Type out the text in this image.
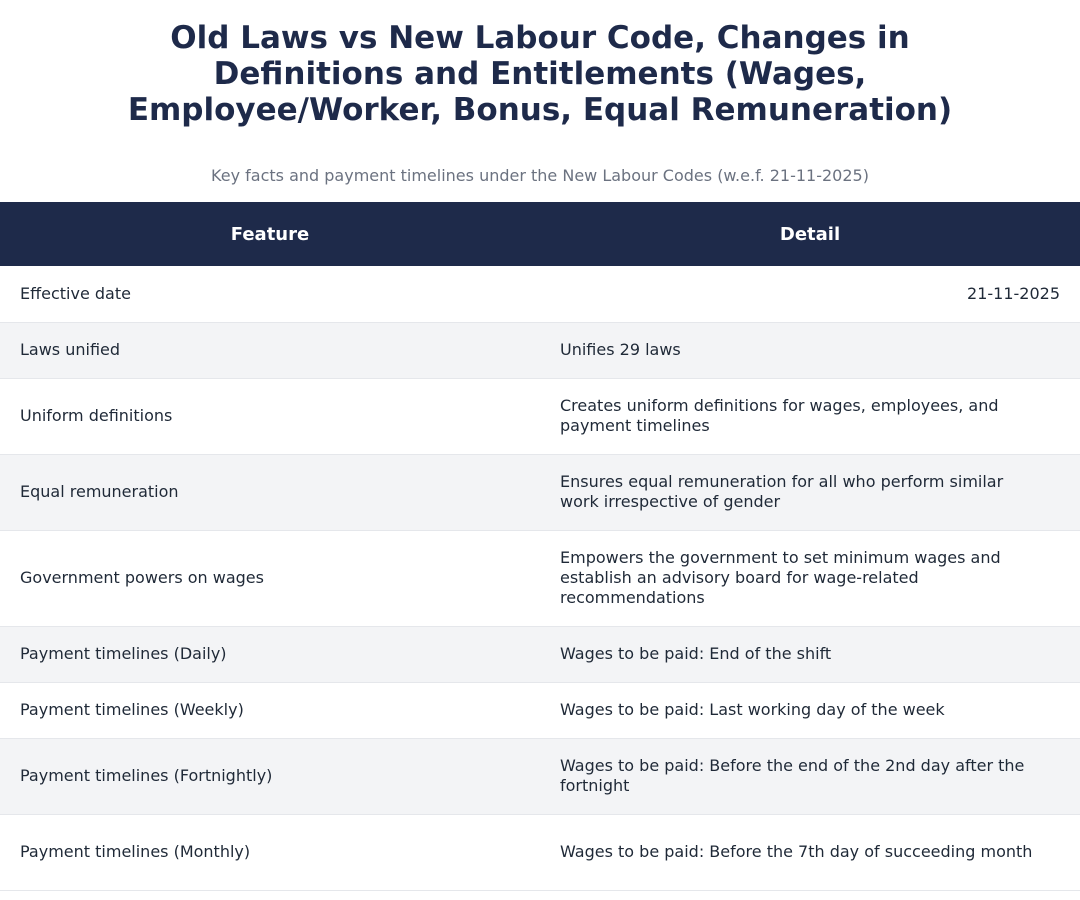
Old Laws vs New Labour Code, Changes in
Definitions and Entitlements (Wages,
Employee/Worker, Bonus, Equal Remuneration)
Key facts and payment timelines under the New Labour Codes (w.e.f. 21-11-2025)
Feature	Detail
Effective date	21-11-2025
Laws unified	Unifies 29 laws
Uniform definitions	Creates uniform definitions for wages, employees, and payment timelines
Equal remuneration	Ensures equal remuneration for all who perform similar work irrespective of gender
Government powers on wages	Empowers the government to set minimum wages and establish an advisory board for wage-related recommendations
Payment timelines (Daily)	Wages to be paid: End of the shift
Payment timelines (Weekly)	Wages to be paid: Last working day of the week
Payment timelines (Fortnightly)	Wages to be paid: Before the end of the 2nd day after the fortnight
Payment timelines (Monthly)	Wages to be paid: Before the 7th day of succeeding month
